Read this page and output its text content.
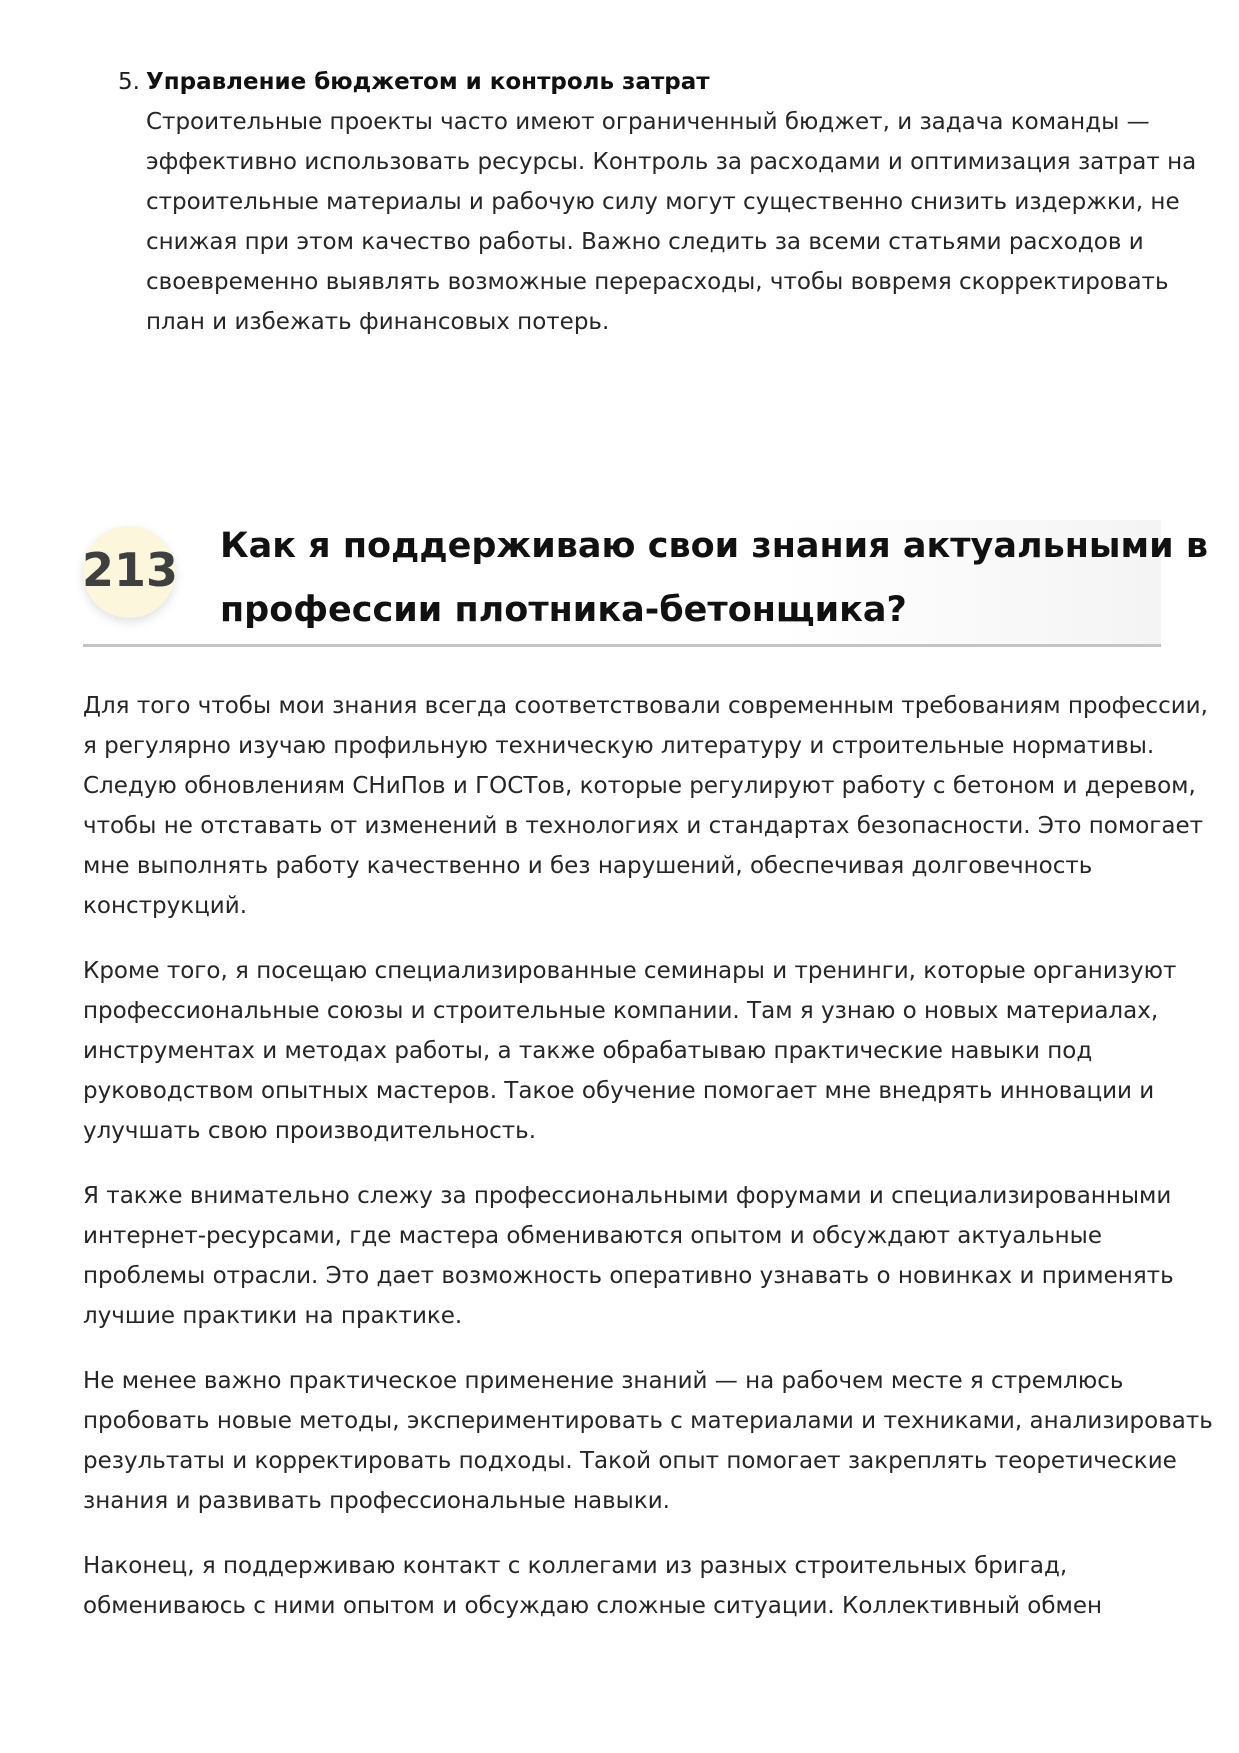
5. Управление бюджетом и контроль затрат
Строительные проекты часто имеют ограниченный бюджет, и задача команды —
эффективно использовать ресурсы. Контроль за расходами и оптимизация затрат на
строительные материалы и рабочую силу могут существенно снизить издержки, не
снижая при этом качество работы. Важно следить за всеми статьями расходов и
своевременно выявлять возможные перерасходы, чтобы вовремя скорректировать
план и избежать финансовых потерь.
213 Как я поддерживаю свои знания актуальными в
профессии плотника-бетонщика?

Для того чтобы мои знания всегда соответствовали современным требованиям профессии,
я регулярно изучаю профильную техническую литературу и строительные нормативы.
Следую обновлениям СНиПов и ГОСТов, которые регулируют работу с бетоном и деревом,
чтобы не отставать от изменений в технологиях и стандартах безопасности. Это помогает
мне выполнять работу качественно и без нарушений, обеспечивая долговечность
конструкций.

Кроме того, я посещаю специализированные семинары и тренинги, которые организуют
профессиональные союзы и строительные компании. Там я узнаю о новых материалах,
инструментах и методах работы, а также обрабатываю практические навыки под
руководством опытных мастеров. Такое обучение помогает мне внедрять инновации и
улучшать свою производительность.

Я также внимательно слежу за профессиональными форумами и специализированными
интернет-ресурсами, где мастера обмениваются опытом и обсуждают актуальные
проблемы отрасли. Это дает возможность оперативно узнавать о новинках и применять
лучшие практики на практике.

Не менее важно практическое применение знаний — на рабочем месте я стремлюсь
пробовать новые методы, экспериментировать с материалами и техниками, анализировать
результаты и корректировать подходы. Такой опыт помогает закреплять теоретические
знания и развивать профессиональные навыки.

Наконец, я поддерживаю контакт с коллегами из разных строительных бригад,
обмениваюсь с ними опытом и обсуждаю сложные ситуации. Коллективный обмен
